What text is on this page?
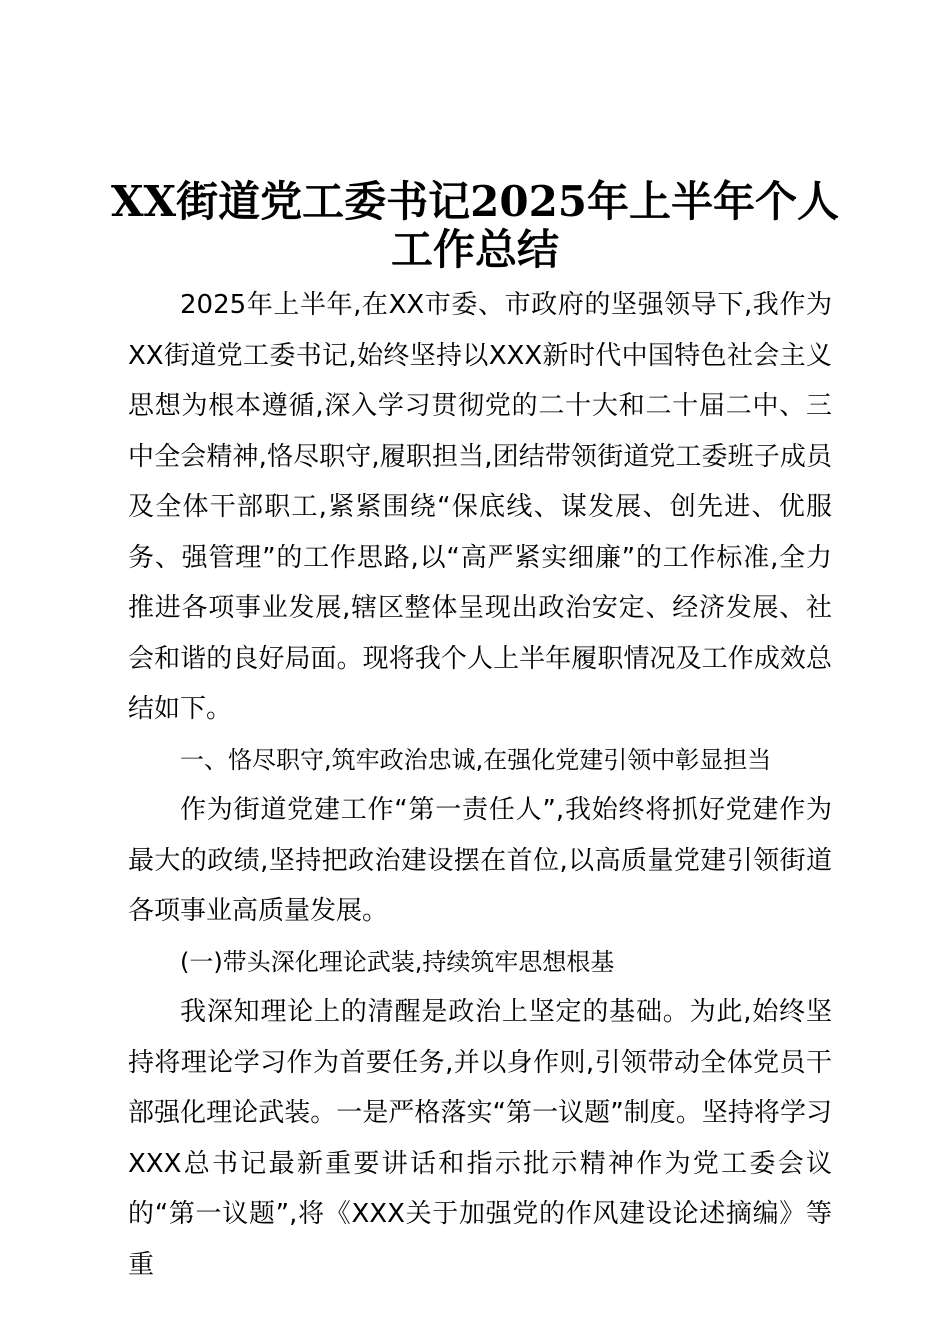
XX街道党工委书记2025年上半年个人
工作总结

2025年上半年,在XX市委、市政府的坚强领导下,我作为XX街道党工委书记,始终坚持以XXX新时代中国特色社会主义思想为根本遵循,深入学习贯彻党的二十大和二十届二中、三中全会精神,恪尽职守,履职担当,团结带领街道党工委班子成员及全体干部职工,紧紧围绕“保底线、谋发展、创先进、优服务、强管理”的工作思路,以“高严紧实细廉”的工作标准,全力推进各项事业发展,辖区整体呈现出政治安定、经济发展、社会和谐的良好局面。现将我个人上半年履职情况及工作成效总结如下。

一、恪尽职守,筑牢政治忠诚,在强化党建引领中彰显担当

作为街道党建工作“第一责任人”,我始终将抓好党建作为最大的政绩,坚持把政治建设摆在首位,以高质量党建引领街道各项事业高质量发展。

(一)带头深化理论武装,持续筑牢思想根基

我深知理论上的清醒是政治上坚定的基础。为此,始终坚持将理论学习作为首要任务,并以身作则,引领带动全体党员干部强化理论武装。一是严格落实“第一议题”制度。坚持将学习XXX总书记最新重要讲话和指示批示精神作为党工委会议的“第一议题”,将《XXX关于加强党的作风建设论述摘编》等重
